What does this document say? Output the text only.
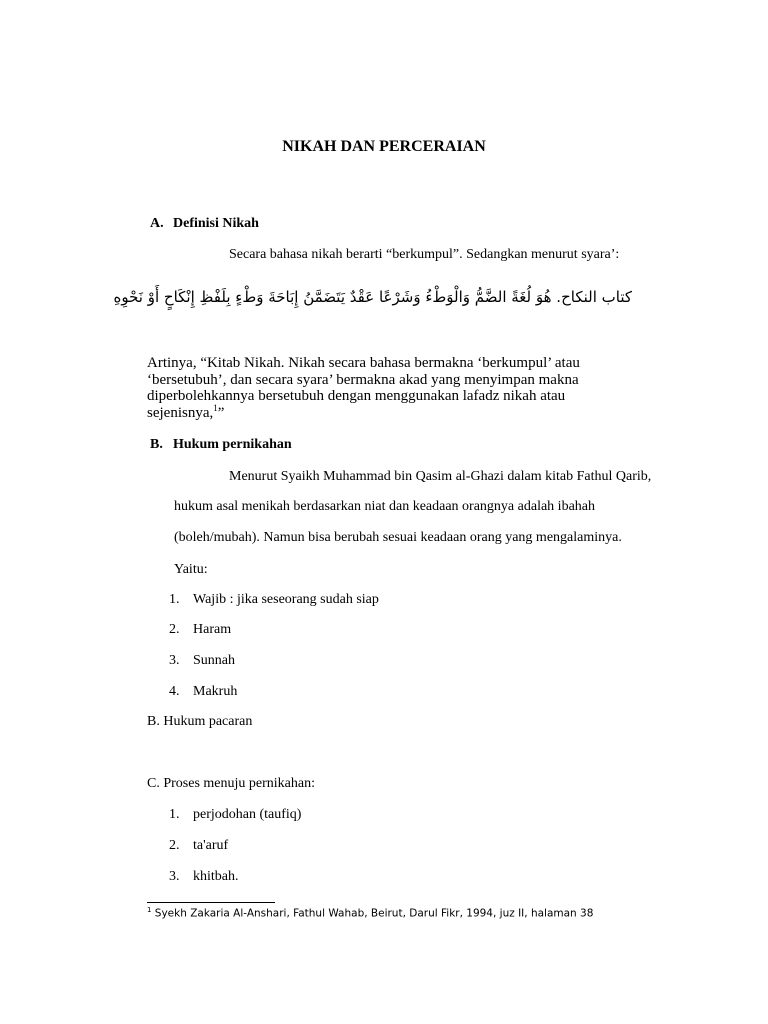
NIKAH DAN PERCERAIAN
A. Definisi Nikah
Secara bahasa nikah berarti “berkumpul”. Sedangkan menurut syara’:
كتاب النكاح. هُوَ لُغَةً الضَّمُّ وَالْوَطْءُ وَشَرْعًا عَقْدٌ يَتَضَمَّنُ إِبَاحَةَ وَطْءٍ بِلَفْظِ إِنْكَاحٍ أَوْ نَحْوِهِ
Artinya, “Kitab Nikah. Nikah secara bahasa bermakna ‘berkumpul’ atau ‘bersetubuh’, dan secara syara’ bermakna akad yang menyimpan makna diperbolehkannya bersetubuh dengan menggunakan lafadz nikah atau sejenisnya,$^1$”
B. Hukum pernikahan
Menurut Syaikh Muhammad bin Qasim al-Ghazi dalam kitab Fathul Qarib,
hukum asal menikah berdasarkan niat dan keadaan orangnya adalah ibahah
(boleh/mubah). Namun bisa berubah sesuai keadaan orang yang mengalaminya.
Yaitu:
1. Wajib : jika seseorang sudah siap
2. Haram
3. Sunnah
4. Makruh
B. Hukum pacaran
C. Proses menuju pernikahan:
1. perjodohan (taufiq)
2. ta'aruf
3. khitbah.
$^1$ Syekh Zakaria Al-Anshari, Fathul Wahab, Beirut, Darul Fikr, 1994, juz II, halaman 38
